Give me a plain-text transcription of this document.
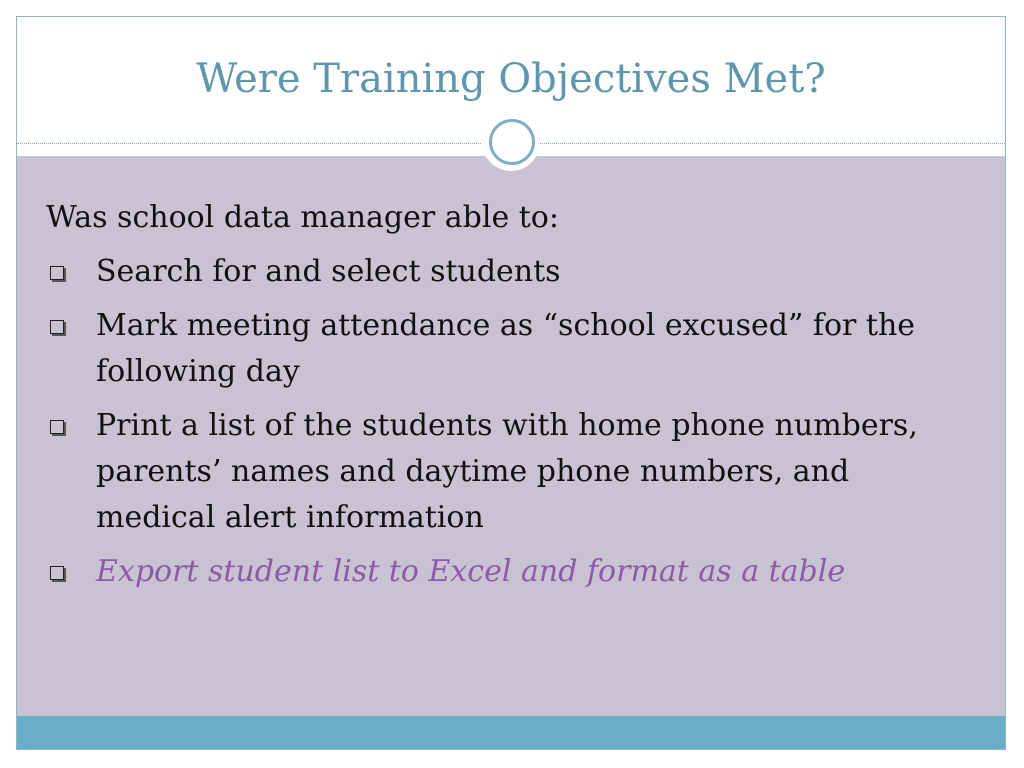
Were Training Objectives Met?
Was school data manager able to:
Search for and select students
Mark meeting attendance as “school excused” for the following day
Print a list of the students with home phone numbers, parents’ names and daytime phone numbers, and medical alert information
Export student list to Excel and format as a table
